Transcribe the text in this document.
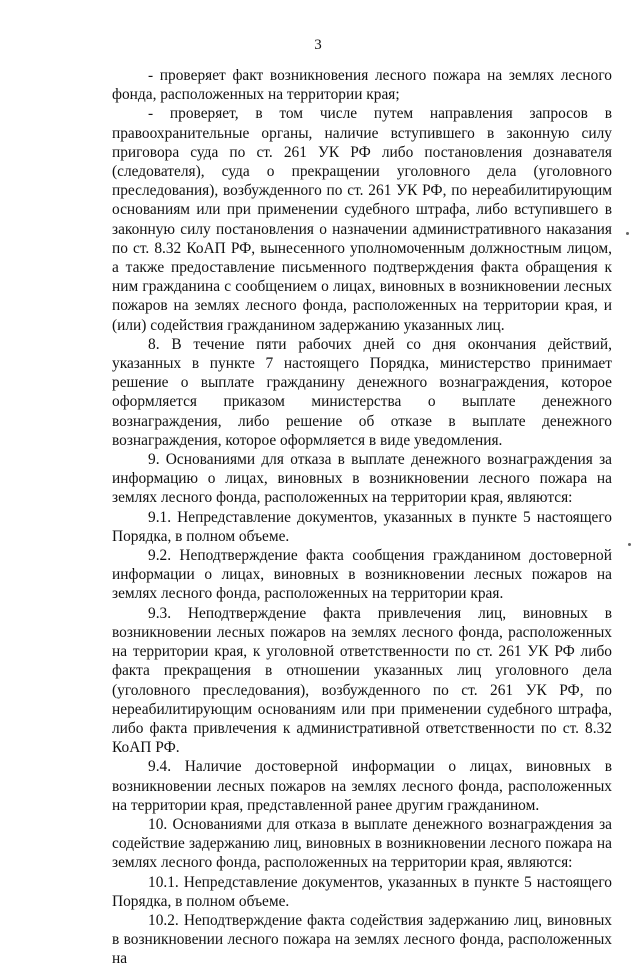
3

- проверяет факт возникновения лесного пожара на землях лесного фонда, расположенных на территории края;

- проверяет, в том числе путем направления запросов в правоохранительные органы, наличие вступившего в законную силу приговора суда по ст. 261 УК РФ либо постановления дознавателя (следователя), суда о прекращении уголовного дела (уголовного преследования), возбужденного по ст. 261 УК РФ, по нереабилитирующим основаниям или при применении судебного штрафа, либо вступившего в законную силу постановления о назначении административного наказания по ст. 8.32 КоАП РФ, вынесенного уполномоченным должностным лицом, а также предоставление письменного подтверждения факта обращения к ним гражданина с сообщением о лицах, виновных в возникновении лесных пожаров на землях лесного фонда, расположенных на территории края, и (или) содействия гражданином задержанию указанных лиц.

8. В течение пяти рабочих дней со дня окончания действий, указанных в пункте 7 настоящего Порядка, министерство принимает решение о выплате гражданину денежного вознаграждения, которое оформляется приказом министерства о выплате денежного вознаграждения, либо решение об отказе в выплате денежного вознаграждения, которое оформляется в виде уведомления.

9. Основаниями для отказа в выплате денежного вознаграждения за информацию о лицах, виновных в возникновении лесного пожара на землях лесного фонда, расположенных на территории края, являются:

9.1. Непредставление документов, указанных в пункте 5 настоящего Порядка, в полном объеме.

9.2. Неподтверждение факта сообщения гражданином достоверной информации о лицах, виновных в возникновении лесных пожаров на землях лесного фонда, расположенных на территории края.

9.3. Неподтверждение факта привлечения лиц, виновных в возникновении лесных пожаров на землях лесного фонда, расположенных на территории края, к уголовной ответственности по ст. 261 УК РФ либо факта прекращения в отношении указанных лиц уголовного дела (уголовного преследования), возбужденного по ст. 261 УК РФ, по нереабилитирующим основаниям или при применении судебного штрафа, либо факта привлечения к административной ответственности по ст. 8.32 КоАП РФ.

9.4. Наличие достоверной информации о лицах, виновных в возникновении лесных пожаров на землях лесного фонда, расположенных на территории края, представленной ранее другим гражданином.

10. Основаниями для отказа в выплате денежного вознаграждения за содействие задержанию лиц, виновных в возникновении лесного пожара на землях лесного фонда, расположенных на территории края, являются:

10.1. Непредставление документов, указанных в пункте 5 настоящего Порядка, в полном объеме.

10.2. Неподтверждение факта содействия задержанию лиц, виновных в возникновении лесного пожара на землях лесного фонда, расположенных на
